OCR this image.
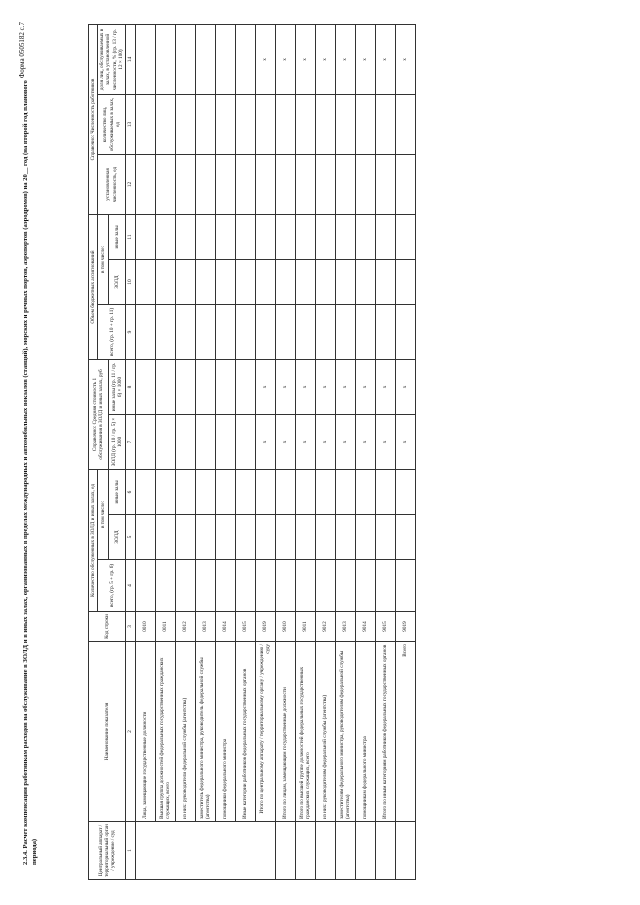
Форма 0505182 с.7
2.3.4. Расчет компенсации работникам расходов на обслуживание в ЗОЛД и в иных залах, организованных в пределах международных и автомобильных вокзалов (станций), морских и речных портов, аэропортов (аэродромов) на 20__ год (на второй год планового периода)	Центральный аппарат / территориальный орган / учреждение / суд	Наименование показателя	Код строки	Количество обслуженных в ЗОЛД и иных залах, ед			Справочно: Средняя стоимость 1 обслуживания в ЗОЛД и иных залах, руб		Объем бюджетных ассигнований			Справочно: Численность работников		
			всего, (гр. 5 + гр. 6)	в том числе:				всего, (гр. 10 + гр. 11)	в том числе:		установленная численность, ед	количество лиц, обслуживаемых в залах, ед	доля лиц, обслуживаемых в залах, в установленной численности, % (гр. 13 / гр. 12 × 100)
				ЗОЛД	иные залы	ЗОЛД (гр. 10 / гр. 5) × 1000	иные залы (гр. 11 / гр. 6) × 1000		ЗОЛД	иные залы			
1	2	3	4	5	6	7	8	9	10	11	12	13	14
	Лица, замещающие государственные должности	0010											
	Высшая группа должностей федеральных государственных гражданских служащих, всего	0011											
	из них: руководители федеральной службы (агентства)	0012											
	заместитель федерального министра, руководитель федеральной службы (агентства)	0013											
	помощники федерального министра	0014											
	Иные категории работников федеральных государственных органов	0015											
	Итого по центральному аппарату / территориальному органу / учреждению / суду	0019				x	x						x
	Итого по лицам, замещающим государственные должности	9010				x	x						x
	Итого по высшей группе должностей федеральных государственных гражданских служащих, всего	9011				x	x						x
	из них: руководителям федеральной службы (агентства)	9012				x	x						x
	заместителям федерального министра, руководителям федеральной службы (агентства)	9013				x	x						x
	помощникам федерального министра	9014				x	x						x
	Итого по иным категориям работников федеральных государственных органов	9015				x	x						x
	Всего	9019				x	x						x
